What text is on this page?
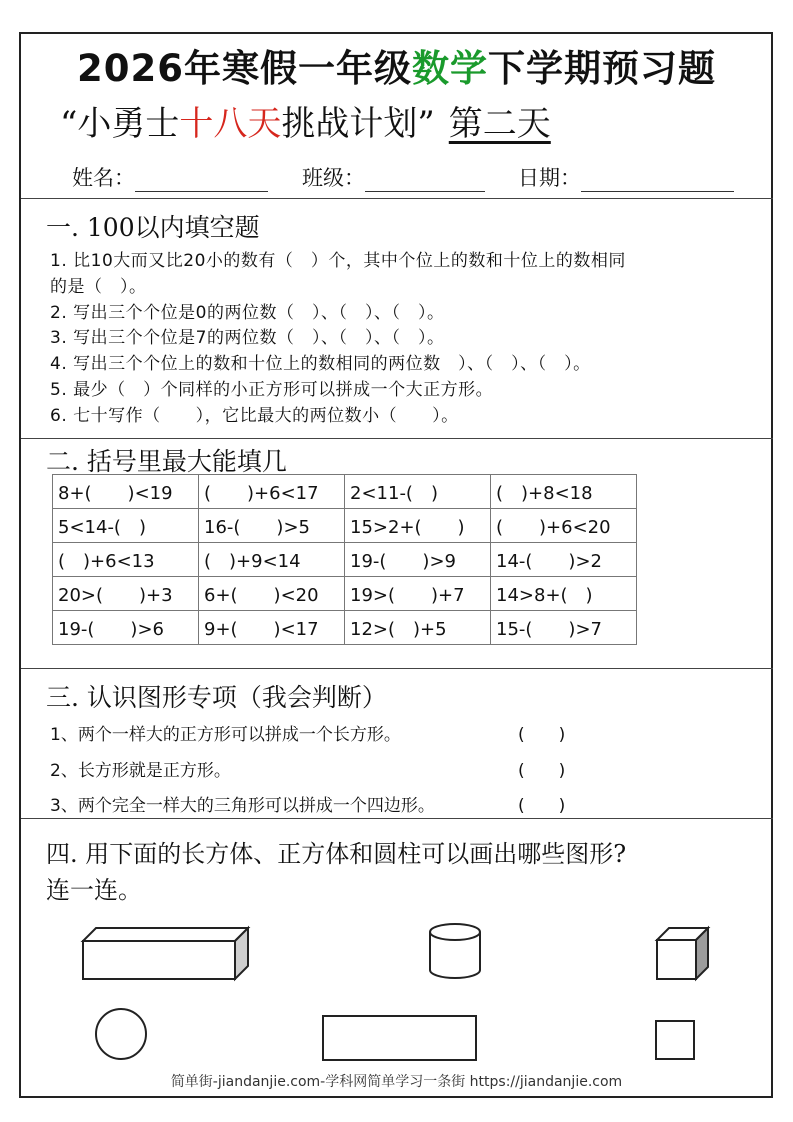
2026年寒假一年级数学下学期预习题
“小勇士十八天挑战计划” 第二天
姓名：	班级：	日期：
一. 100以内填空题
1. 比10大而又比20小的数有（　）个，其中个位上的数和十位上的数相同
的是（　）。
2. 写出三个个位是0的两位数（　）、（　）、（　）。
3. 写出三个个位是7的两位数（　）、（　）、（　）。
4. 写出三个个位上的数和十位上的数相同的两位数　）、（　）、（　）。
5. 最少（　）个同样的小正方形可以拼成一个大正方形。
6. 七十写作（　　），它比最大的两位数小（　　）。
二. 括号里最大能填几
8+(　　)<19	(　　)+6<17	2<11-(　)	(　)+8<18
5<14-(　)	16-(　　)>5	15>2+(　　)	(　　)+6<20
(　)+6<13	(　)+9<14	19-(　　)>9	14-(　　)>2
20>(　　)+3	6+(　　)<20	19>(　　)+7	14>8+(　)
19-(　　)>6	9+(　　)<17	12>(　)+5	15-(　　)>7
三. 认识图形专项（我会判断）
1、两个一样大的正方形可以拼成一个长方形。	(　　)
2、长方形就是正方形。	(　　)
3、两个完全一样大的三角形可以拼成一个四边形。	(　　)
四. 用下面的长方体、正方体和圆柱可以画出哪些图形?
连一连。
简单街-jiandanjie.com-学科网简单学习一条街 https://jiandanjie.com
